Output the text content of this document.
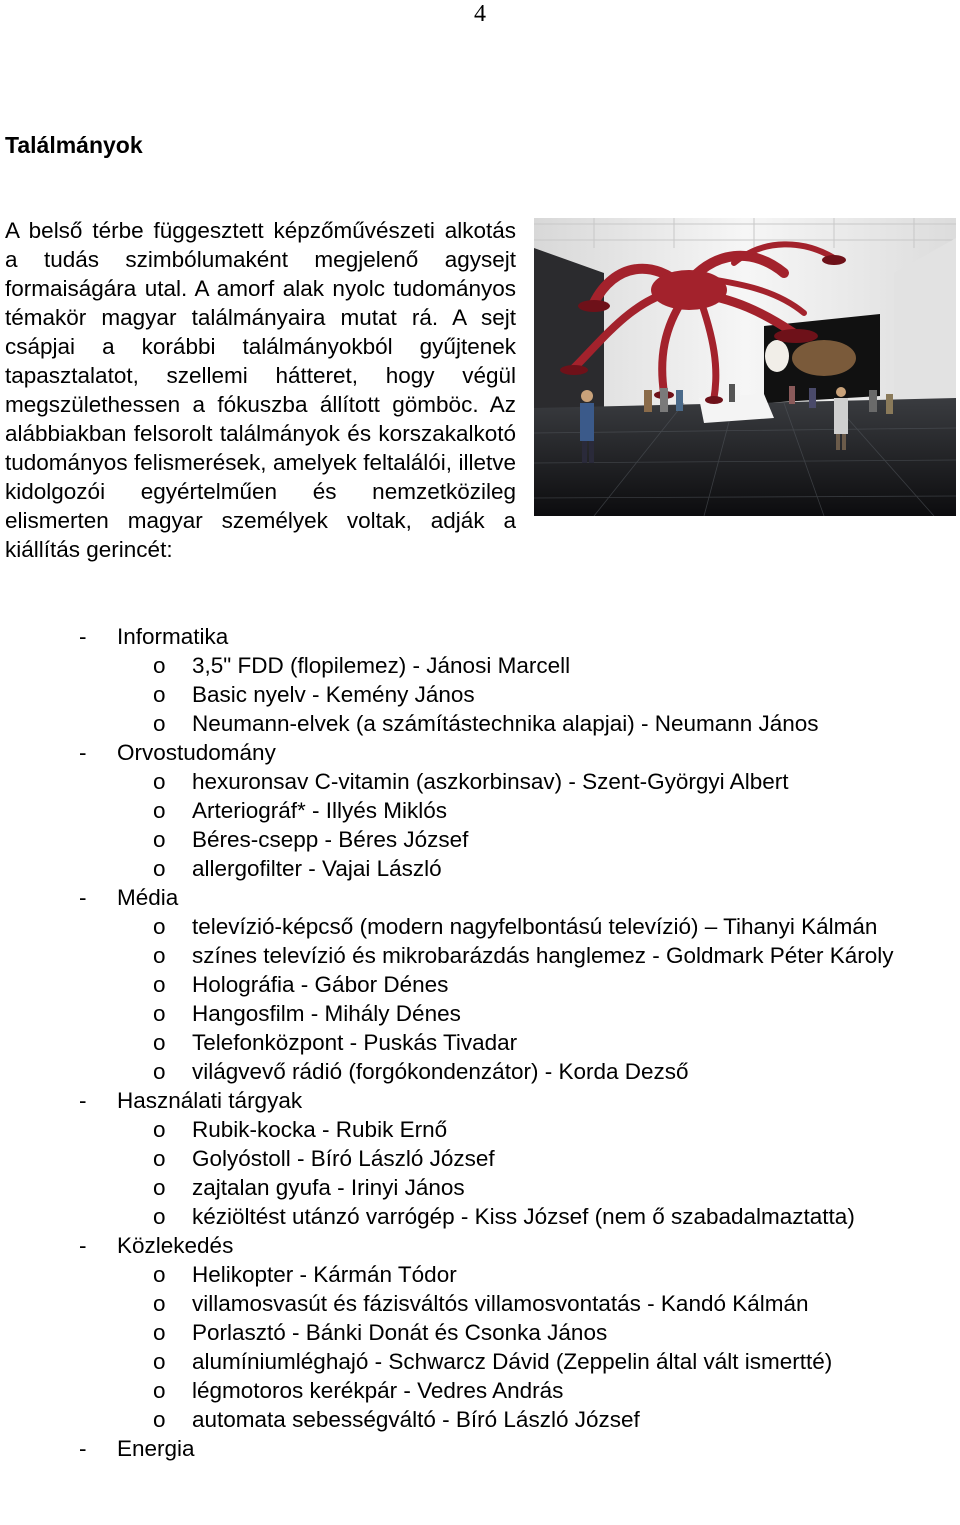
4
Találmányok
A belső térbe függesztett képzőművészeti alkotás a tudás szimbólumaként megjelenő agysejt formaiságára utal. A amorf alak nyolc tudományos témakör magyar találmányaira mutat rá. A sejt csápjai a korábbi találmányokból gyűjtenek tapasztalatot, szellemi hátteret, hogy végül megszülethessen a fókuszba állított gömböc. Az alábbiakban felsorolt találmányok és korszakalkotó tudományos felismerések, amelyek feltalálói, illetve kidolgozói egyértelműen és nemzetközileg elismerten magyar személyek voltak, adják a kiállítás gerincét:
-	Informatika
o 3,5" FDD (flopilemez) - Jánosi Marcell
o Basic nyelv - Kemény János
o Neumann-elvek (a számítástechnika alapjai) - Neumann János
-	Orvostudomány
o hexuronsav C-vitamin (aszkorbinsav) - Szent-Györgyi Albert
o Arteriográf* - Illyés Miklós
o Béres-csepp - Béres József
o allergofilter - Vajai László
-	Média
o televízió-képcső (modern nagyfelbontású televízió) – Tihanyi Kálmán
o színes televízió és mikrobarázdás hanglemez - Goldmark Péter Károly
o Holográfia - Gábor Dénes
o Hangosfilm - Mihály Dénes
o Telefonközpont - Puskás Tivadar
o világvevő rádió (forgókondenzátor) - Korda Dezső
-	Használati tárgyak
o Rubik-kocka - Rubik Ernő
o Golyóstoll - Bíró László József
o zajtalan gyufa - Irinyi János
o kéziöltést utánzó varrógép - Kiss József (nem ő szabadalmaztatta)
-	Közlekedés
o Helikopter - Kármán Tódor
o villamosvasút és fázisváltós villamosvontatás - Kandó Kálmán
o Porlasztó - Bánki Donát és Csonka János
o alumíniumléghajó - Schwarcz Dávid (Zeppelin által vált ismertté)
o légmotoros kerékpár - Vedres András
o automata sebességváltó - Bíró László József
-	Energia
